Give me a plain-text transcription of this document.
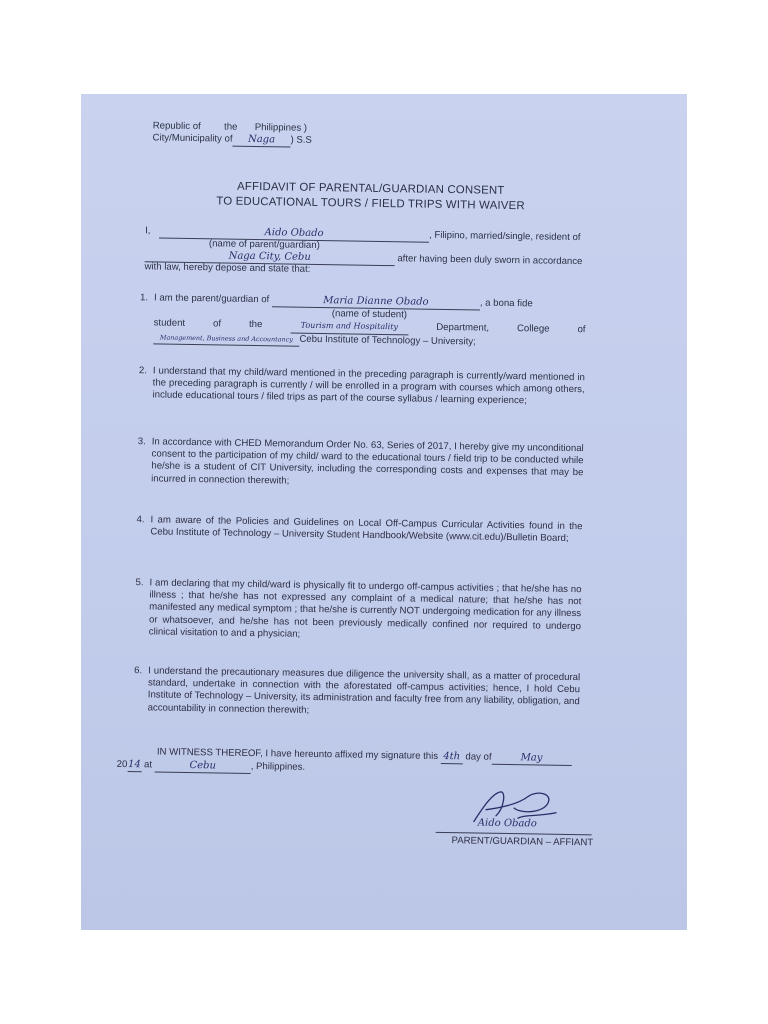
Republic of the Philippines )
City/Municipality of Naga ) S.S
AFFIDAVIT OF PARENTAL/GUARDIAN CONSENT
TO EDUCATIONAL TOURS / FIELD TRIPS WITH WAIVER
I,	Aido Obado	, Filipino, married/single, resident of
(name of parent/guardian)
Naga City, Cebu	after having been duly sworn in accordance
with law, hereby depose and state that:
1. I am the parent/guardian of	Maria Dianne Obado	, a bona fide
(name of student)
student	of	the	Tourism and Hospitality	Department,	College	of
Management, Business and Accountancy Cebu Institute of Technology – University;
2. I understand that my child/ward mentioned in the preceding paragraph is currently/ward mentioned in the preceding paragraph is currently / will be enrolled in a program with courses which among others, include educational tours / filed trips as part of the course syllabus / learning experience;
3. In accordance with CHED Memorandum Order No. 63, Series of 2017, I hereby give my unconditional consent to the participation of my child/ ward to the educational tours / field trip to be conducted while he/she is a student of CIT University, including the corresponding costs and expenses that may be incurred in connection therewith;
4. I am aware of the Policies and Guidelines on Local Off-Campus Curricular Activities found in the Cebu Institute of Technology – University Student Handbook/Website (www.cit.edu)/Bulletin Board;
5. I am declaring that my child/ward is physically fit to undergo off-campus activities ; that he/she has no illness ; that he/she has not expressed any complaint of a medical nature; that he/she has not manifested any medical symptom ; that he/she is currently NOT undergoing medication for any illness or whatsoever, and he/she has not been previously medically confined nor required to undergo clinical visitation to and a physician;
6. I understand the precautionary measures due diligence the university shall, as a matter of procedural standard, undertake in connection with the aforestated off-campus activities; hence, I hold Cebu Institute of Technology – University, its administration and faculty free from any liability, obligation, and accountability in connection therewith;
IN WITNESS THEREOF, I have hereunto affixed my signature this 4th day of	May
2014 at	Cebu	, Philippines.
Aido Obado
PARENT/GUARDIAN – AFFIANT
